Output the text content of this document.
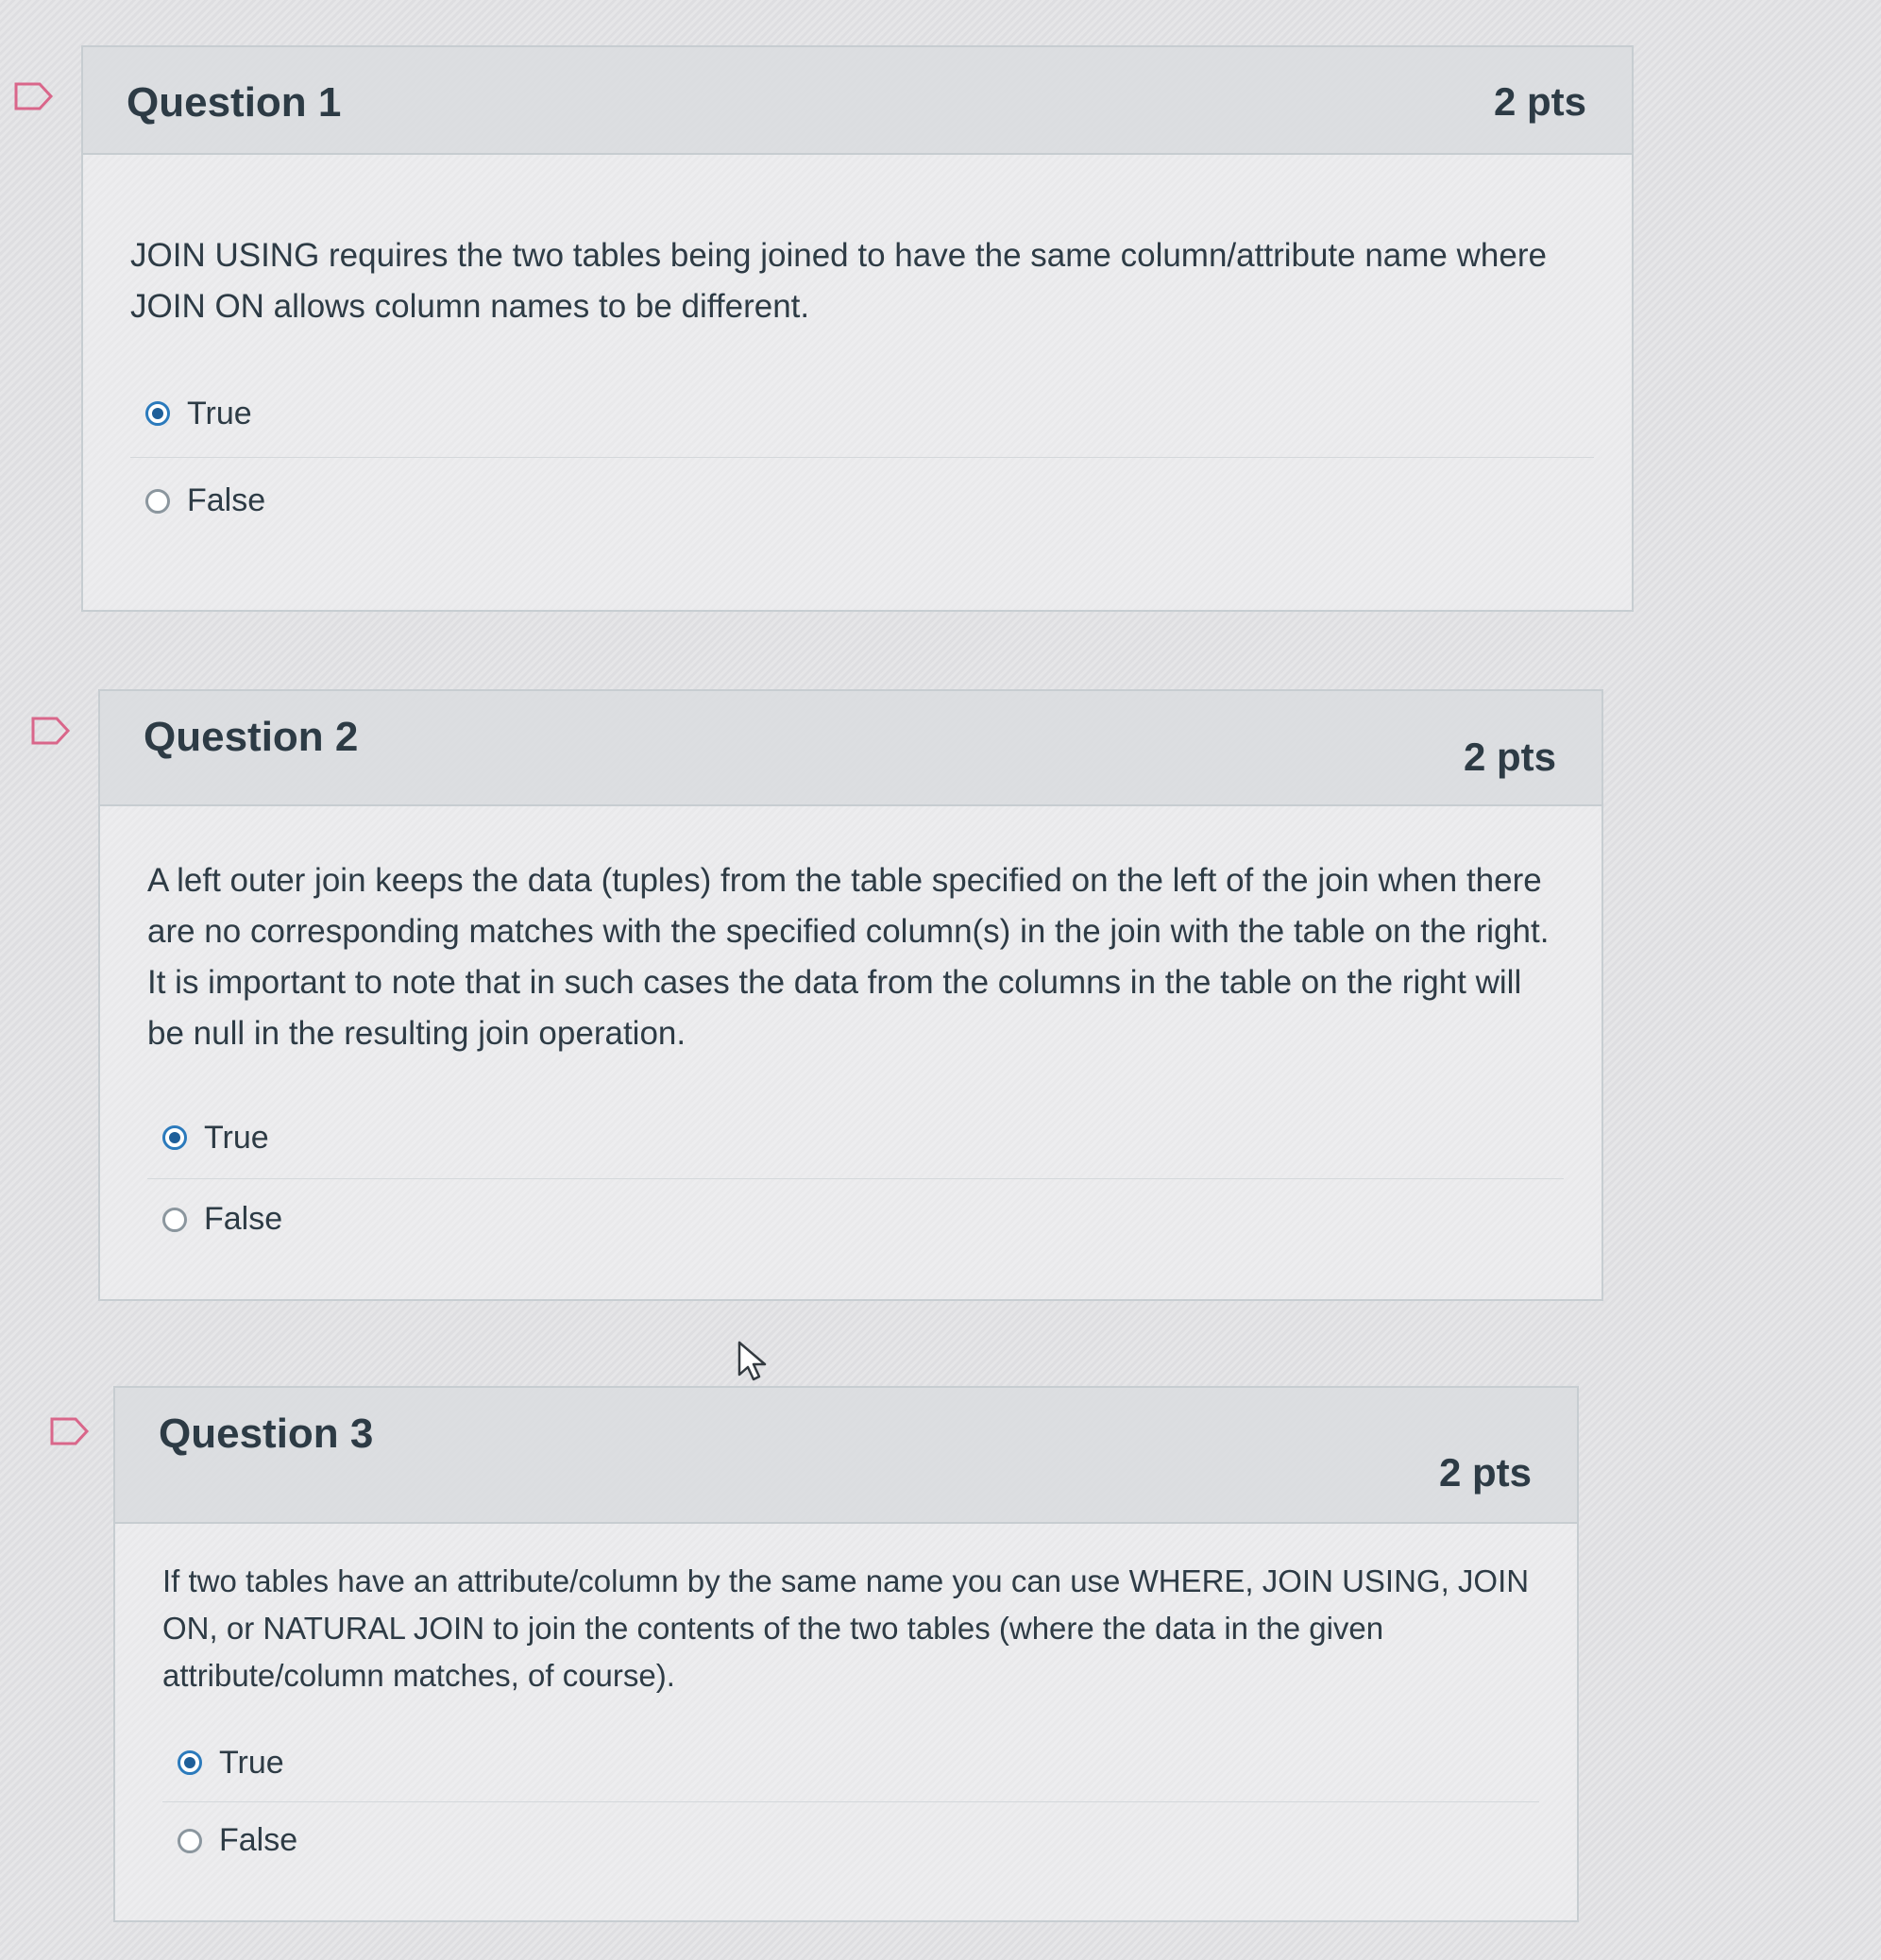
Question 1	2 pts
JOIN USING requires the two tables being joined to have the same column/attribute name where JOIN ON allows column names to be different.
True
False
Question 2	2 pts
A left outer join keeps the data (tuples) from the table specified on the left of the join when there are no corresponding matches with the specified column(s) in the join with the table on the right. It is important to note that in such cases the data from the columns in the table on the right will be null in the resulting join operation.
True
False
Question 3
2 pts
If two tables have an attribute/column by the same name you can use WHERE, JOIN USING, JOIN ON, or NATURAL JOIN to join the contents of the two tables (where the data in the given attribute/column matches, of course).
True
False
